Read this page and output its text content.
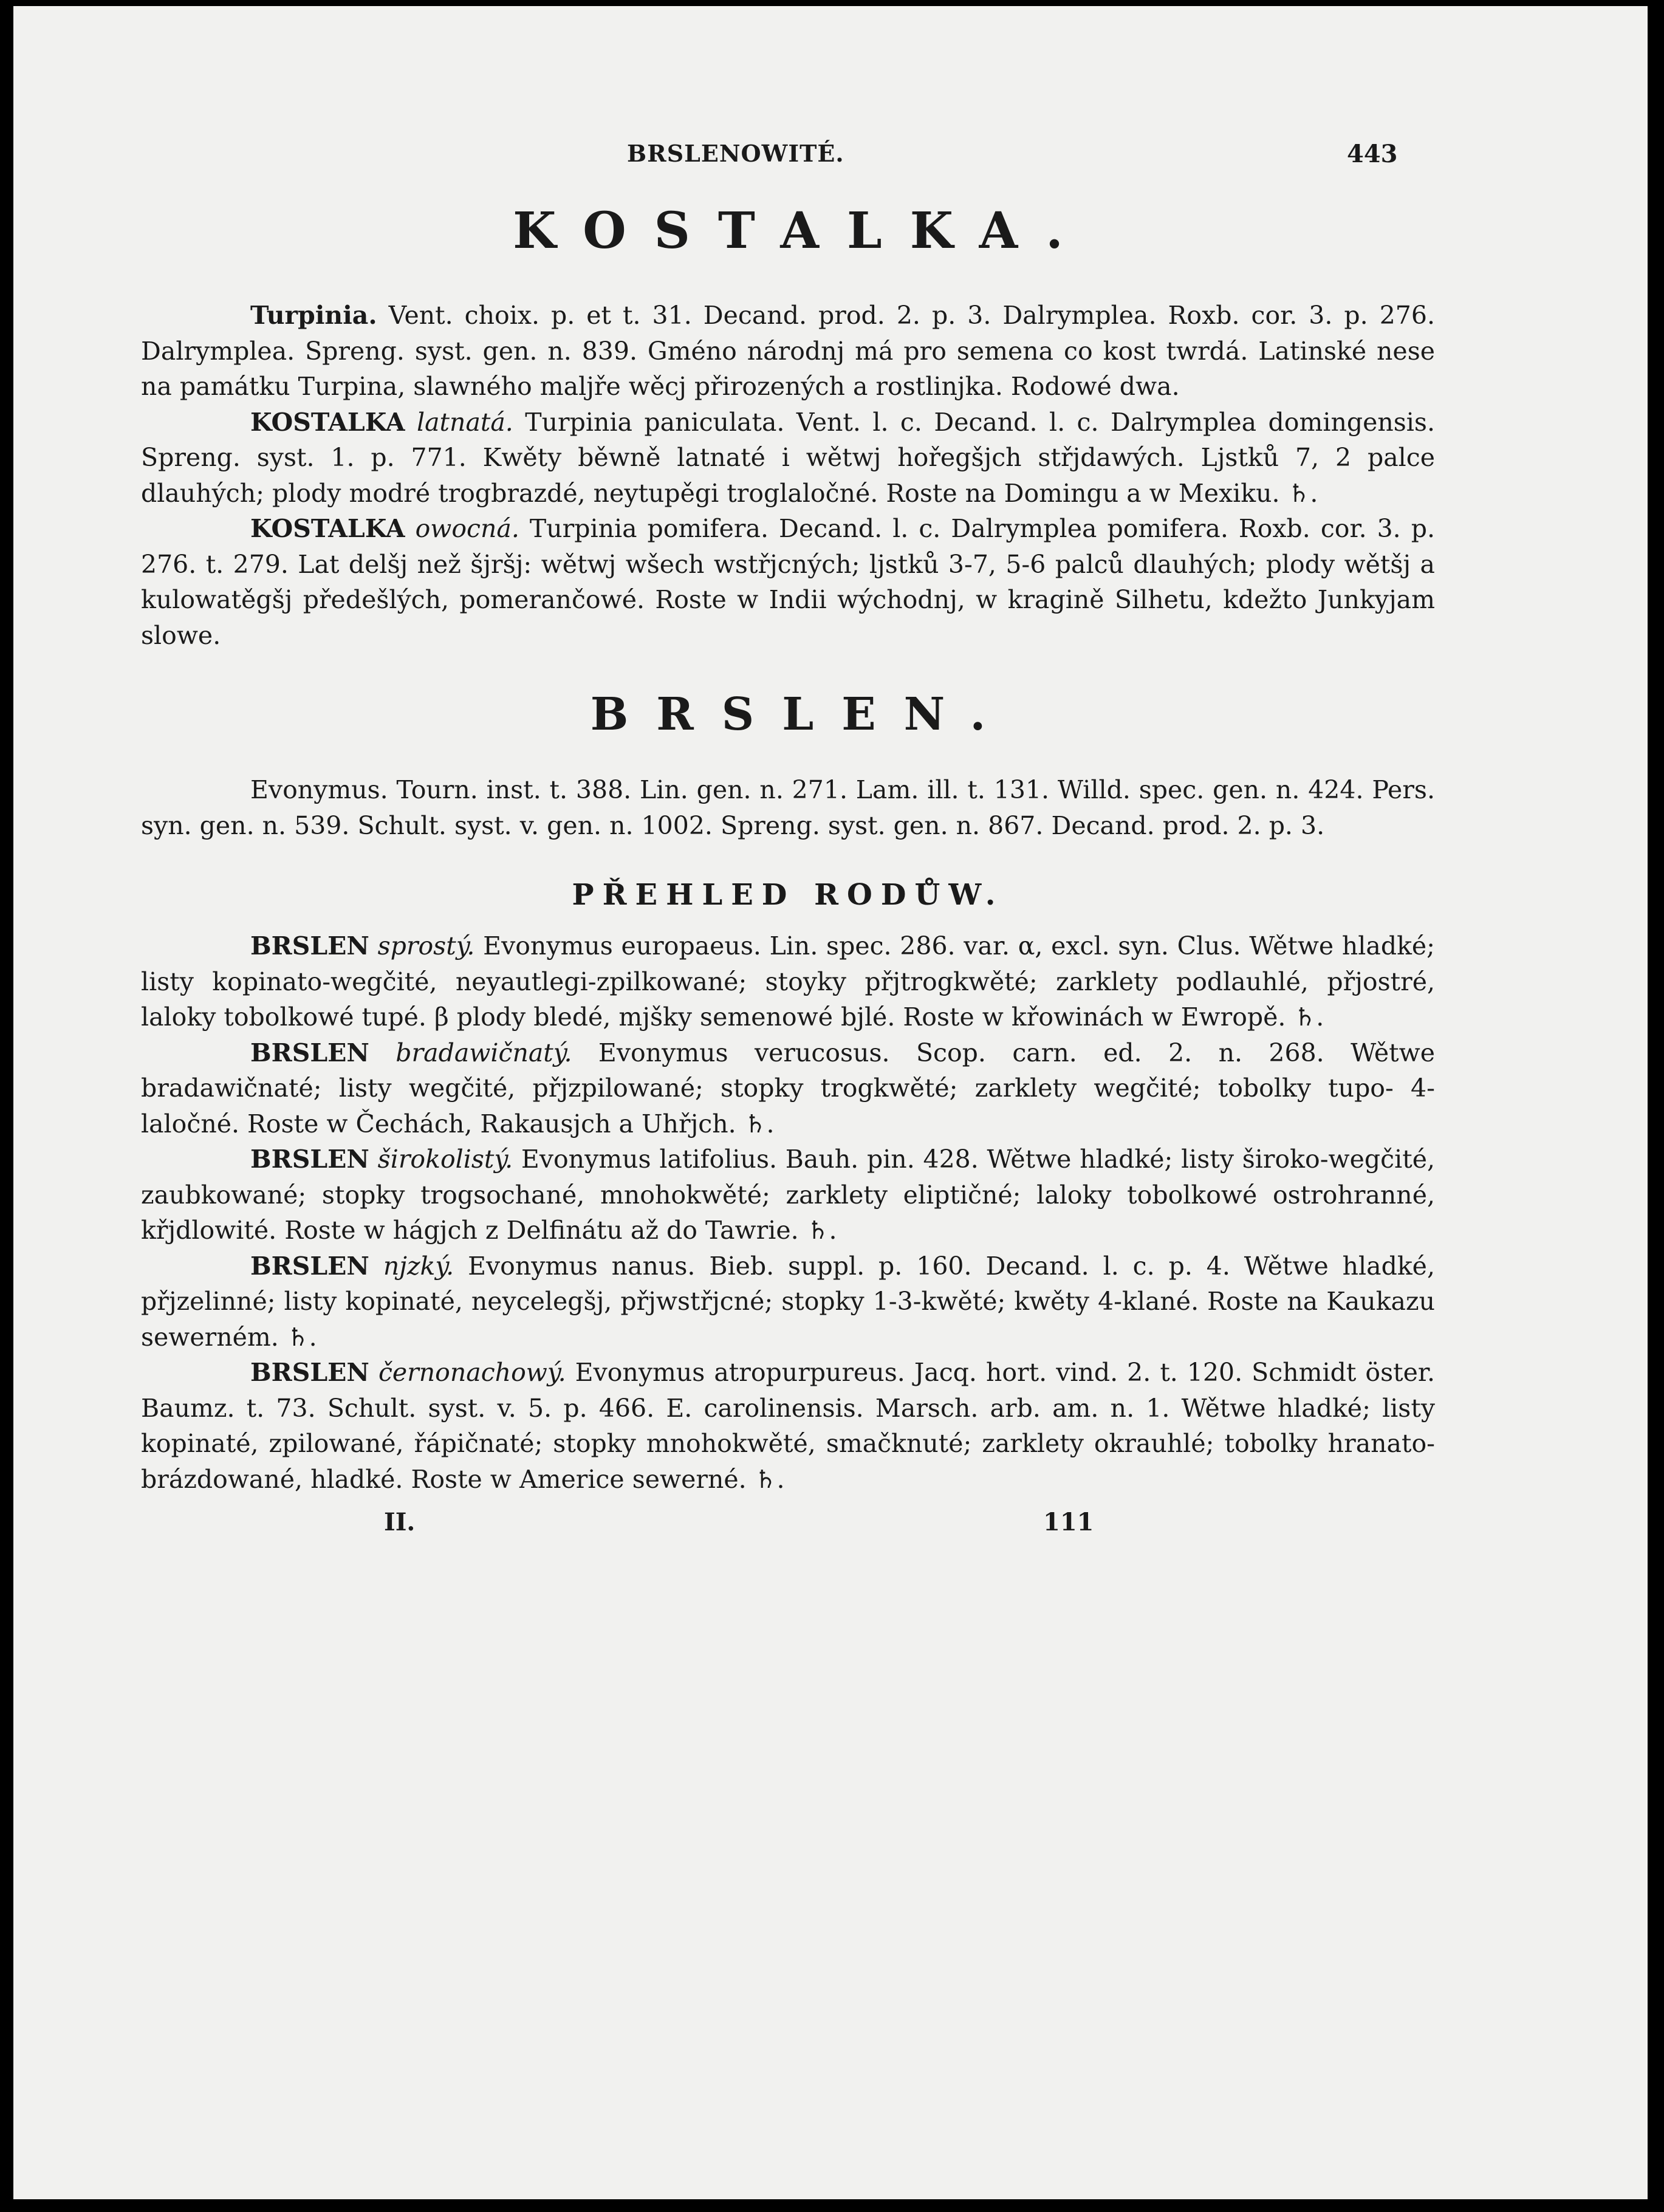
BRSLENOWITÉ.	443
KOSTALKA.

Turpinia. Vent. choix. p. et t. 31. Decand. prod. 2. p. 3. Dalrymplea. Roxb. cor. 3. p. 276. Dalrymplea. Spreng. syst. gen. n. 839. Gméno národnj má pro semena co kost twrdá. Latinské nese na památku Turpina, slawného maljře wěcj přirozených a rostlinjka. Rodowé dwa.

KOSTALKA latnatá. Turpinia paniculata. Vent. l. c. Decand. l. c. Dalrymplea domingensis. Spreng. syst. 1. p. 771. Kwěty běwně latnaté i wětwj hořegšjch střjdawých. Ljstků 7, 2 palce dlauhých; plody modré trogbrazdé, neytupěgi troglaločné. Roste na Domingu a w Mexiku. ♄.

KOSTALKA owocná. Turpinia pomifera. Decand. l. c. Dalrymplea pomifera. Roxb. cor. 3. p. 276. t. 279. Lat delšj než šjršj: wětwj wšech wstřjcných; ljstků 3-7, 5-6 palců dlauhých; plody wětšj a kulowatěgšj předešlých, pomerančowé. Roste w Indii wýchodnj, w kragině Silhetu, kdežto Junkyjam slowe.

BRSLEN.

Evonymus. Tourn. inst. t. 388. Lin. gen. n. 271. Lam. ill. t. 131. Willd. spec. gen. n. 424. Pers. syn. gen. n. 539. Schult. syst. v. gen. n. 1002. Spreng. syst. gen. n. 867. Decand. prod. 2. p. 3.

PŘEHLED RODŮW.

BRSLEN sprostý. Evonymus europaeus. Lin. spec. 286. var. α, excl. syn. Clus. Wětwe hladké; listy kopinato-wegčité, neyautlegi-zpilkowané; stoyky přjtrogkwěté; zarklety podlauhlé, přjostré, laloky tobolkowé tupé. β plody bledé, mjšky semenowé bjlé. Roste w křowinách w Ewropě. ♄.

BRSLEN bradawičnatý. Evonymus verucosus. Scop. carn. ed. 2. n. 268. Wětwe bradawičnaté; listy wegčité, přjzpilowané; stopky trogkwěté; zarklety wegčité; tobolky tupo- 4-laločné. Roste w Čechách, Rakausjch a Uhřjch. ♄.

BRSLEN širokolistý. Evonymus latifolius. Bauh. pin. 428. Wětwe hladké; listy široko-wegčité, zaubkowané; stopky trogsochané, mnohokwěté; zarklety eliptičné; laloky tobolkowé ostrohranné, křjdlowité. Roste w hágjch z Delfinátu až do Tawrie. ♄.

BRSLEN njzký. Evonymus nanus. Bieb. suppl. p. 160. Decand. l. c. p. 4. Wětwe hladké, přjzelinné; listy kopinaté, neycelegšj, přjwstřjcné; stopky 1-3-kwěté; kwěty 4-klané. Roste na Kaukazu sewerném. ♄.

BRSLEN černonachowý. Evonymus atropurpureus. Jacq. hort. vind. 2. t. 120. Schmidt öster. Baumz. t. 73. Schult. syst. v. 5. p. 466. E. carolinensis. Marsch. arb. am. n. 1. Wětwe hladké; listy kopinaté, zpilowané, řápičnaté; stopky mnohokwěté, smačknuté; zarklety okrauhlé; tobolky hranato-brázdowané, hladké. Roste w Americe sewerné. ♄.

II.	111
